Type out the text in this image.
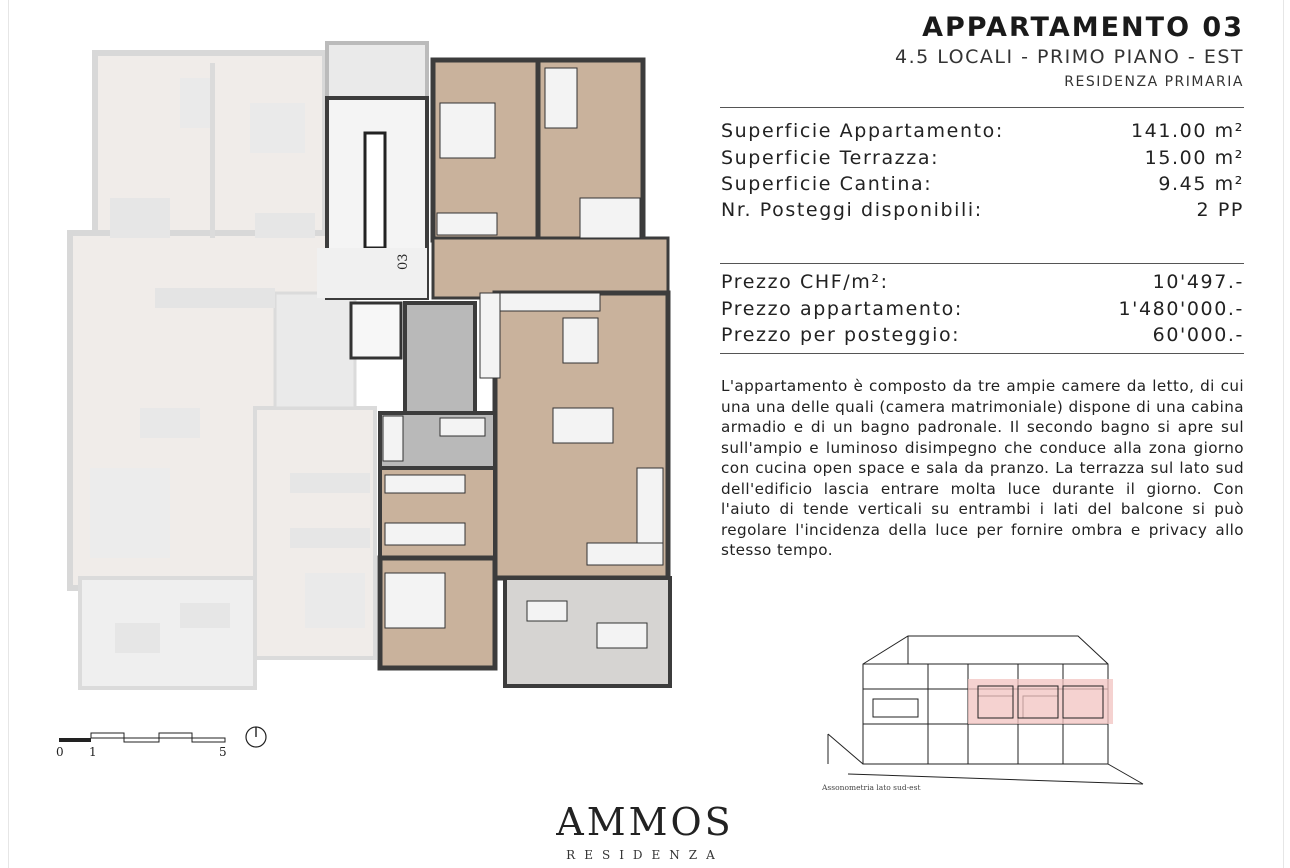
03
0 1	5
APPARTAMENTO 03
4.5 LOCALI - PRIMO PIANO - EST
RESIDENZA PRIMARIA
Superficie Appartamento:	141.00 m²
Superficie Terrazza:	15.00 m²
Superficie Cantina:	9.45 m²
Nr. Posteggi disponibili:	2 PP
Prezzo CHF/m²:	10'497.-
Prezzo appartamento:	1'480'000.-
Prezzo per posteggio:	60'000.-
L'appartamento è composto da tre ampie camere da letto, di cui una una delle quali (camera matrimoniale) dispone di una cabina armadio e di un bagno padronale. Il secondo bagno si apre sul sull'ampio e luminoso disimpegno che conduce alla zona giorno con cucina open space e sala da pranzo. La terrazza sul lato sud dell'edificio lascia entrare molta luce durante il giorno. Con l'aiuto di tende verticali su entrambi i lati del balcone si può regolare l'incidenza della luce per fornire ombra e privacy allo stesso tempo.
Assonometria lato sud-est
AMMOS
RESIDENZA
